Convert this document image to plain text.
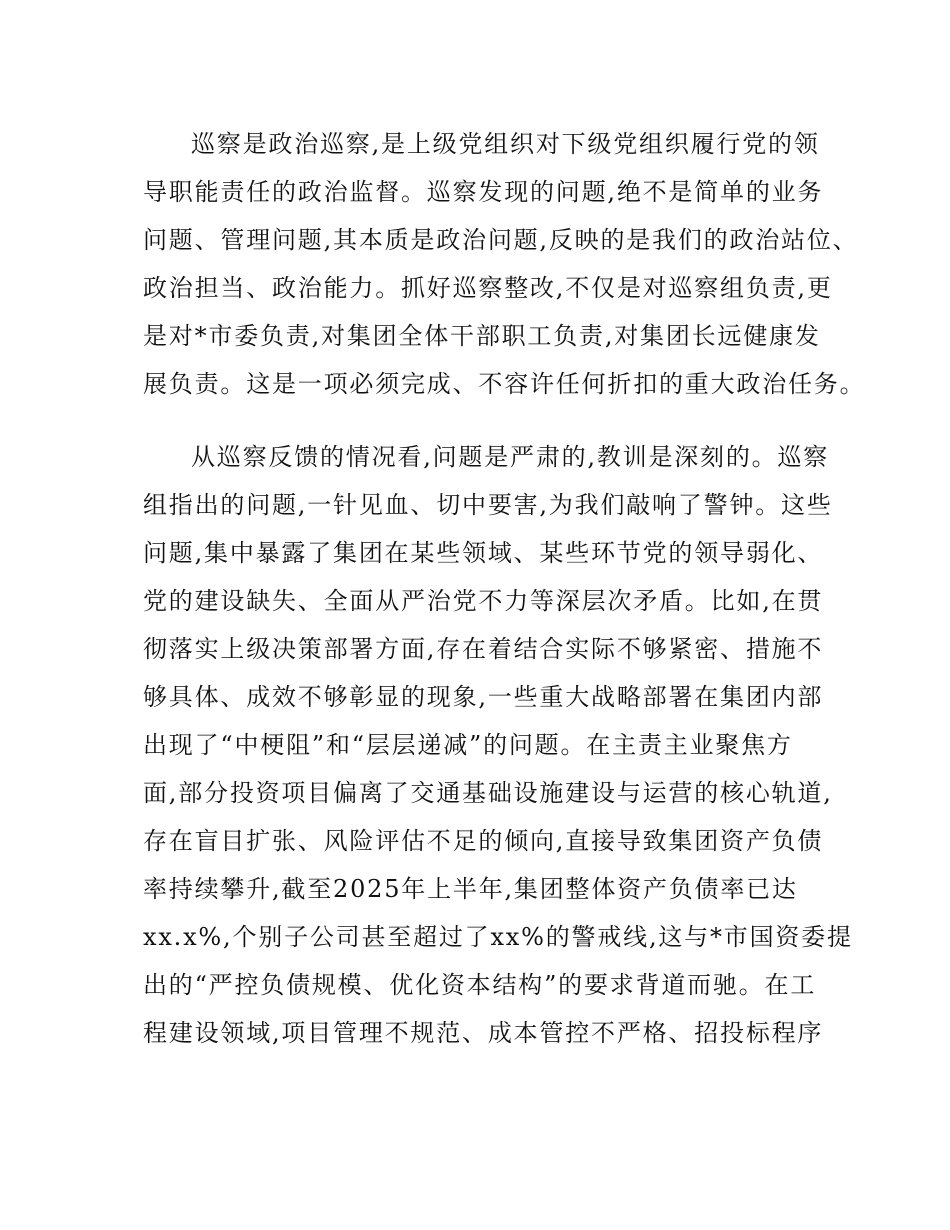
巡察是政治巡察,是上级党组织对下级党组织履行党的领
导职能责任的政治监督。巡察发现的问题,绝不是简单的业务
问题、管理问题,其本质是政治问题,反映的是我们的政治站位、
政治担当、政治能力。抓好巡察整改,不仅是对巡察组负责,更
是对*市委负责,对集团全体干部职工负责,对集团长远健康发
展负责。这是一项必须完成、不容许任何折扣的重大政治任务。
从巡察反馈的情况看,问题是严肃的,教训是深刻的。巡察
组指出的问题,一针见血、切中要害,为我们敲响了警钟。这些
问题,集中暴露了集团在某些领域、某些环节党的领导弱化、
党的建设缺失、全面从严治党不力等深层次矛盾。比如,在贯
彻落实上级决策部署方面,存在着结合实际不够紧密、措施不
够具体、成效不够彰显的现象,一些重大战略部署在集团内部
出现了“中梗阻”和“层层递减”的问题。在主责主业聚焦方
面,部分投资项目偏离了交通基础设施建设与运营的核心轨道,
存在盲目扩张、风险评估不足的倾向,直接导致集团资产负债
率持续攀升,截至2025年上半年,集团整体资产负债率已达
xx.x%,个别子公司甚至超过了xx%的警戒线,这与*市国资委提
出的“严控负债规模、优化资本结构”的要求背道而驰。在工
程建设领域,项目管理不规范、成本管控不严格、招投标程序
